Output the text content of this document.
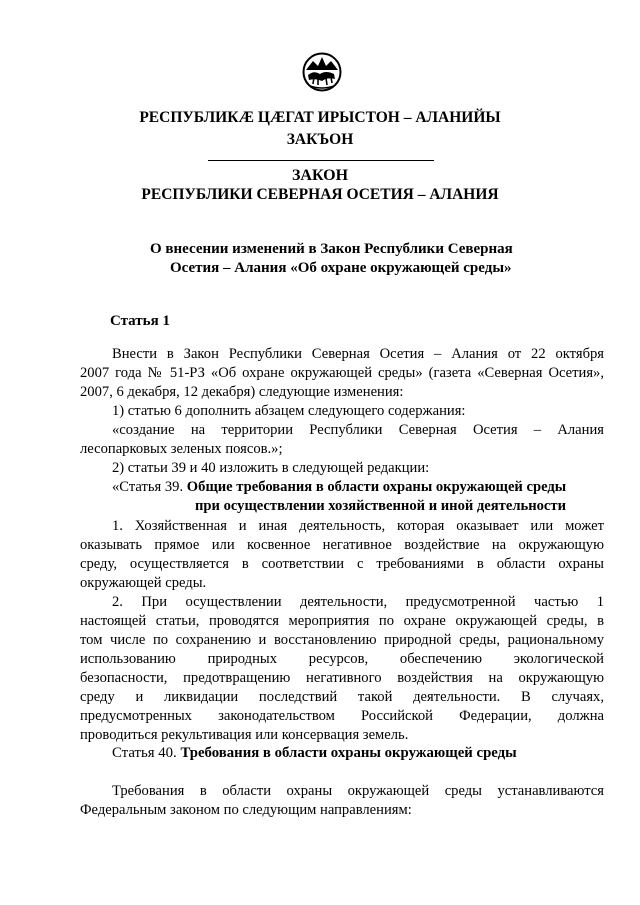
РЕСПУБЛИКӔ ЦӔГАТ ИРЫСТОН – АЛАНИЙЫ
ЗАКЪОН
ЗАКОН
РЕСПУБЛИКИ СЕВЕРНАЯ ОСЕТИЯ – АЛАНИЯ
О внесении изменений в Закон Республики Северная
Осетия – Алания «Об охране окружающей среды»
Статья 1
Внести в Закон Республики Северная Осетия – Алания от 22 октября
2007 года № 51-РЗ «Об охране окружающей среды» (газета «Северная Осетия»,
2007, 6 декабря, 12 декабря) следующие изменения:
1) статью 6 дополнить абзацем следующего содержания:
«создание на территории Республики Северная Осетия – Алания
лесопарковых зеленых поясов.»;
2) статьи 39 и 40 изложить в следующей редакции:
«Статья 39. Общие требования в области охраны окружающей среды
при осуществлении хозяйственной и иной деятельности
1. Хозяйственная и иная деятельность, которая оказывает или может
оказывать прямое или косвенное негативное воздействие на окружающую
среду, осуществляется в соответствии с требованиями в области охраны
окружающей среды.
2. При осуществлении деятельности, предусмотренной частью 1
настоящей статьи, проводятся мероприятия по охране окружающей среды, в
том числе по сохранению и восстановлению природной среды, рациональному
использованию природных ресурсов, обеспечению экологической
безопасности, предотвращению негативного воздействия на окружающую
среду и ликвидации последствий такой деятельности. В случаях,
предусмотренных законодательством Российской Федерации, должна
проводиться рекультивация или консервация земель.
Статья 40. Требования в области охраны окружающей среды
Требования в области охраны окружающей среды устанавливаются
Федеральным законом по следующим направлениям:
